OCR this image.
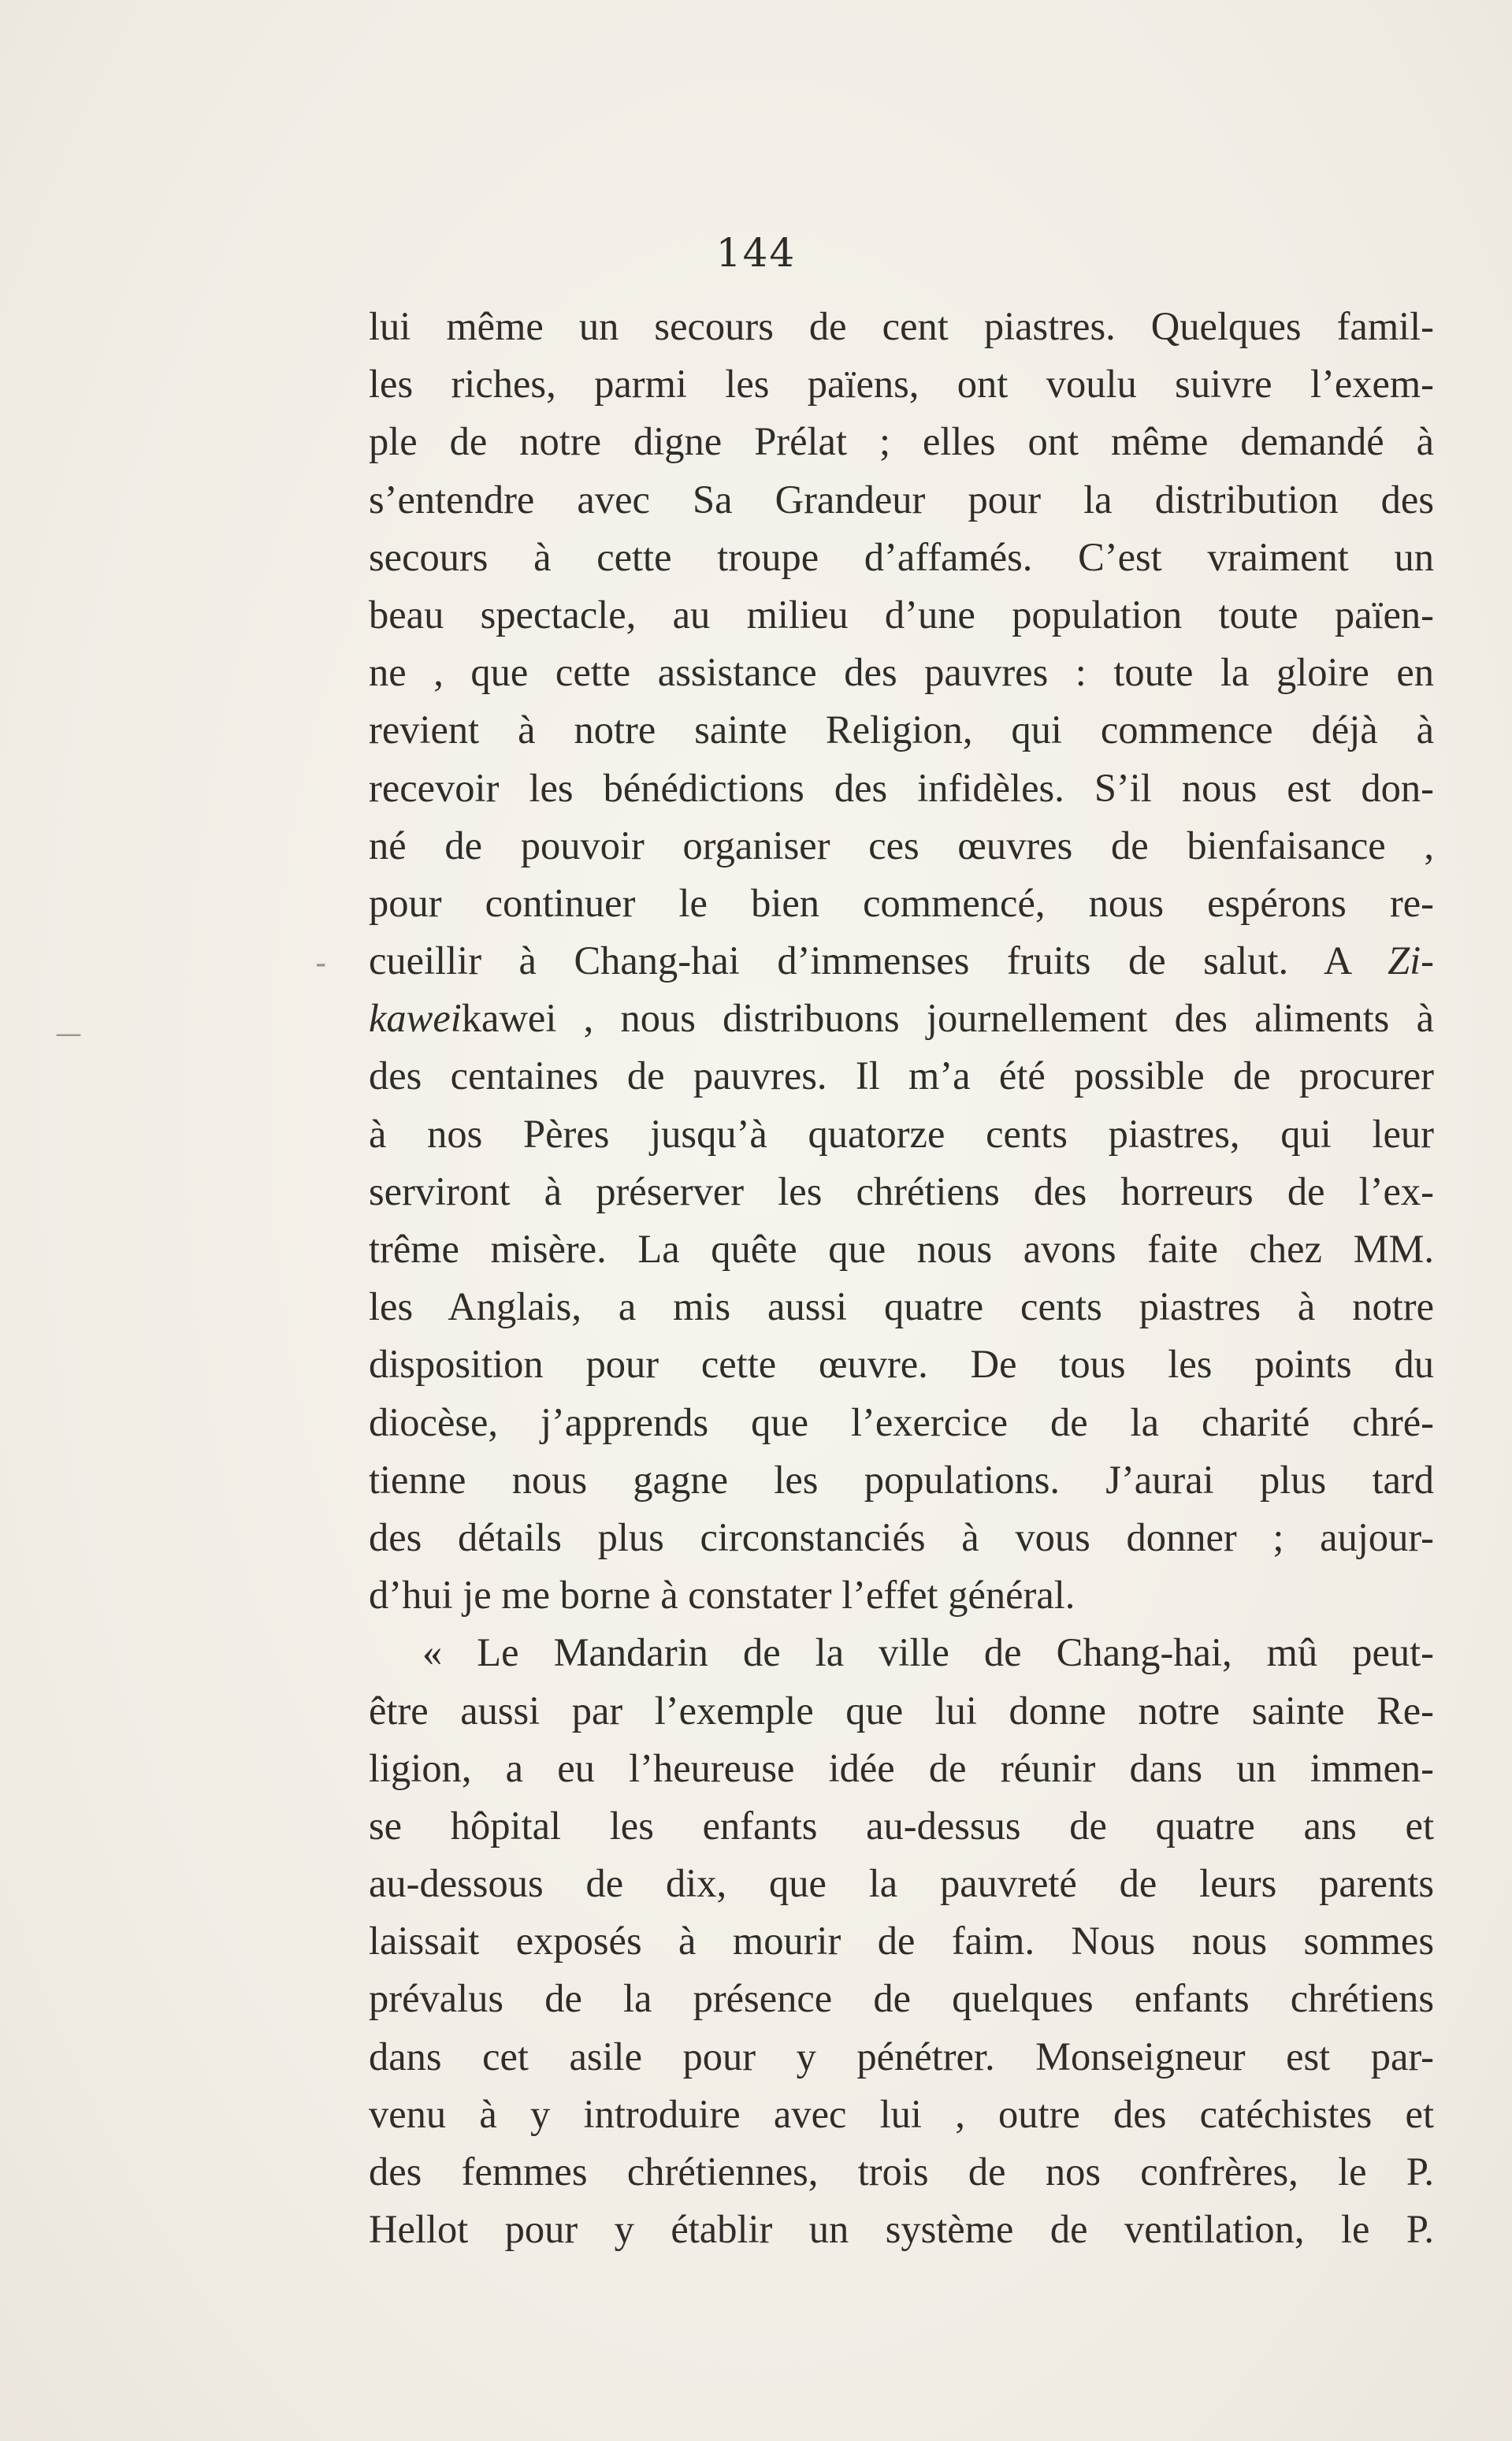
144
-
—
lui même un secours de cent piastres. Quelques famil-
les riches, parmi les païens, ont voulu suivre l’exem-
ple de notre digne Prélat ; elles ont même demandé à
s’entendre avec Sa Grandeur pour la distribution des
secours à cette troupe d’affamés. C’est vraiment un
beau spectacle, au milieu d’une population toute païen-
ne , que cette assistance des pauvres : toute la gloire en
revient à notre sainte Religion, qui commence déjà à
recevoir les bénédictions des infidèles. S’il nous est don-
né de pouvoir organiser ces œuvres de bienfaisance ,
pour continuer le bien commencé, nous espérons re-
cueillir à Chang-hai d’immenses fruits de salut. A Zi-
kaweikawei , nous distribuons journellement des aliments à
des centaines de pauvres. Il m’a été possible de procurer
à nos Pères jusqu’à quatorze cents piastres, qui leur
serviront à préserver les chrétiens des horreurs de l’ex-
trême misère. La quête que nous avons faite chez MM.
les Anglais, a mis aussi quatre cents piastres à notre
disposition pour cette œuvre. De tous les points du
diocèse, j’apprends que l’exercice de la charité chré-
tienne nous gagne les populations. J’aurai plus tard
des détails plus circonstanciés à vous donner ; aujour-
d’hui je me borne à constater l’effet général.
« Le Mandarin de la ville de Chang-hai, mû peut-
être aussi par l’exemple que lui donne notre sainte Re-
ligion, a eu l’heureuse idée de réunir dans un immen-
se hôpital les enfants au-dessus de quatre ans et
au-dessous de dix, que la pauvreté de leurs parents
laissait exposés à mourir de faim. Nous nous sommes
prévalus de la présence de quelques enfants chrétiens
dans cet asile pour y pénétrer. Monseigneur est par-
venu à y introduire avec lui , outre des catéchistes et
des femmes chrétiennes, trois de nos confrères, le P.
Hellot pour y établir un système de ventilation, le P.
